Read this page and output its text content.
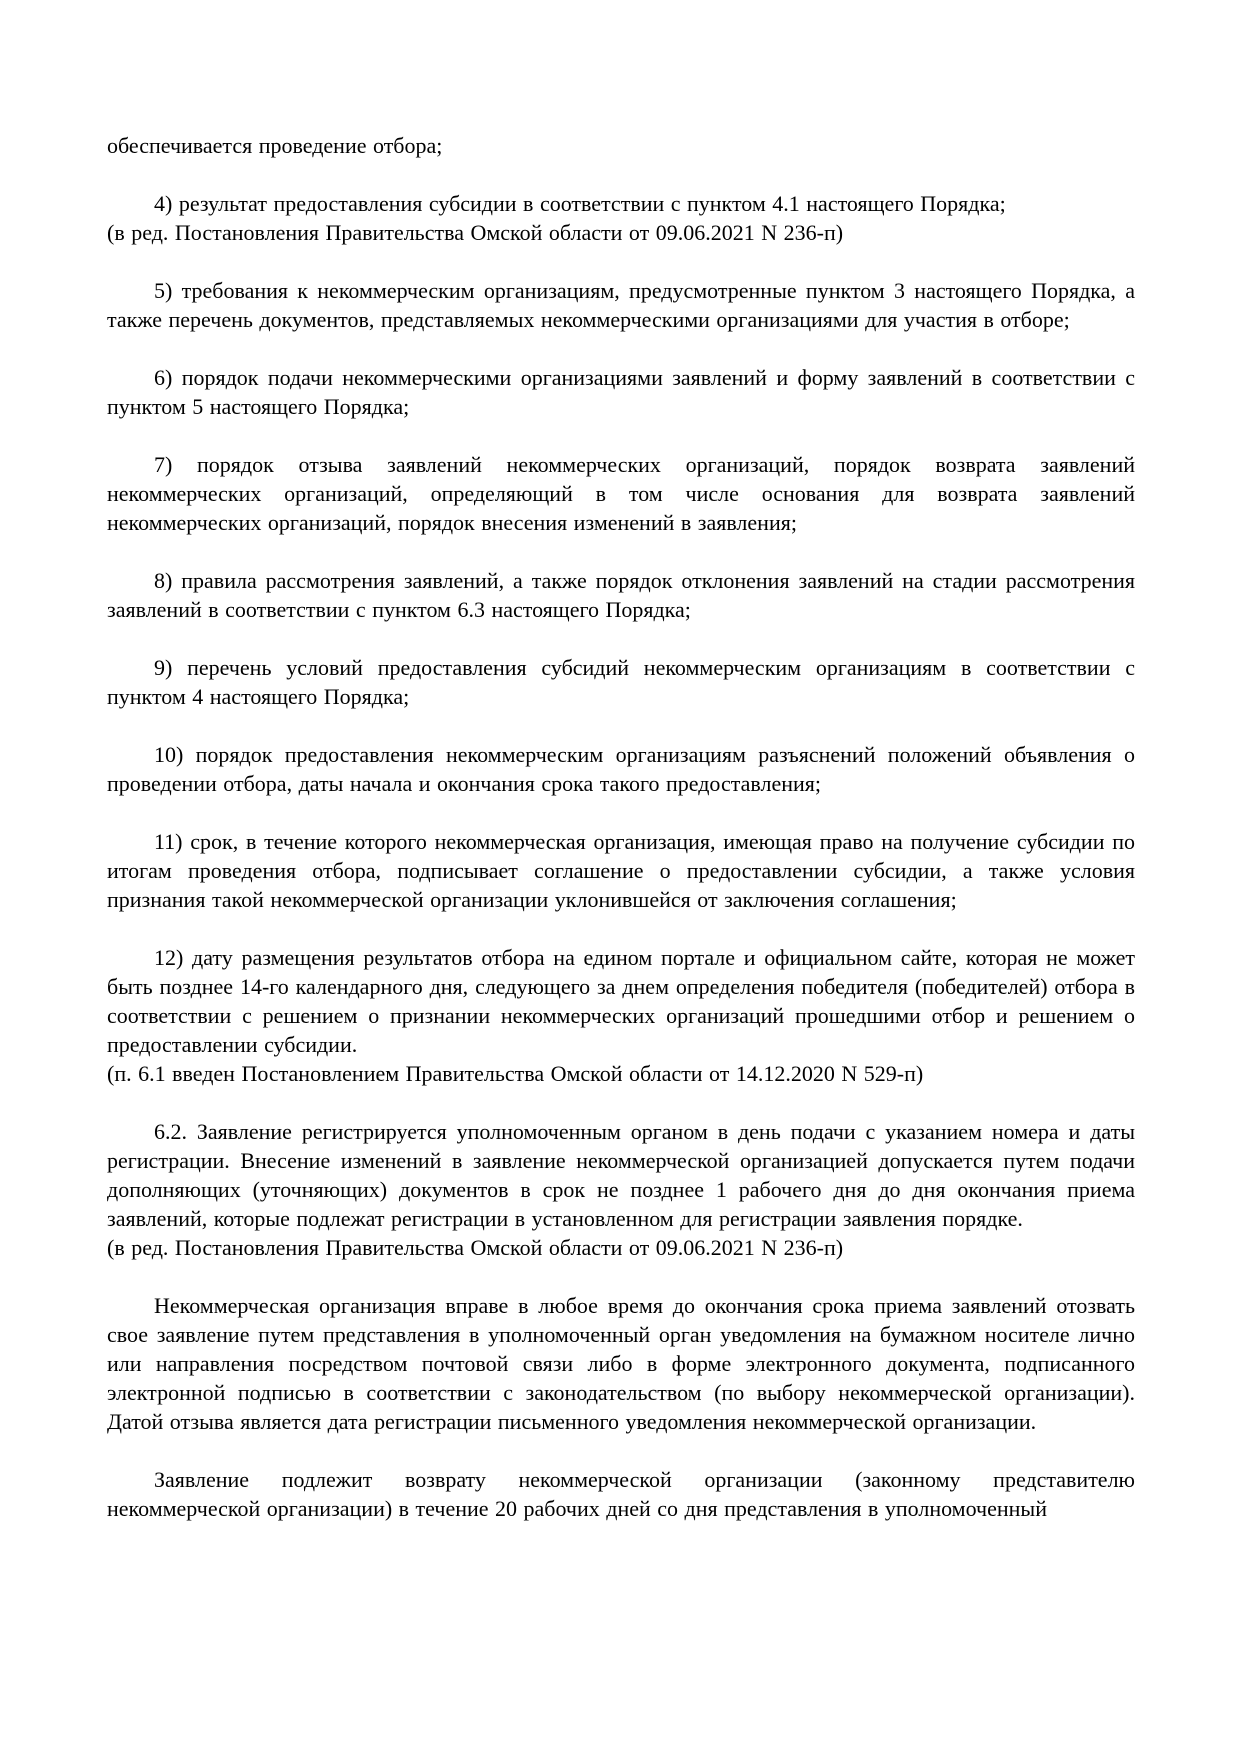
обеспечивается проведение отбора;

4) результат предоставления субсидии в соответствии с пунктом 4.1 настоящего Порядка;

(в ред. Постановления Правительства Омской области от 09.06.2021 N 236-п)

5) требования к некоммерческим организациям, предусмотренные пунктом 3 настоящего Порядка, а также перечень документов, представляемых некоммерческими организациями для участия в отборе;

6) порядок подачи некоммерческими организациями заявлений и форму заявлений в соответствии с пунктом 5 настоящего Порядка;

7) порядок отзыва заявлений некоммерческих организаций, порядок возврата заявлений некоммерческих организаций, определяющий в том числе основания для возврата заявлений некоммерческих организаций, порядок внесения изменений в заявления;

8) правила рассмотрения заявлений, а также порядок отклонения заявлений на стадии рассмотрения заявлений в соответствии с пунктом 6.3 настоящего Порядка;

9) перечень условий предоставления субсидий некоммерческим организациям в соответствии с пунктом 4 настоящего Порядка;

10) порядок предоставления некоммерческим организациям разъяснений положений объявления о проведении отбора, даты начала и окончания срока такого предоставления;

11) срок, в течение которого некоммерческая организация, имеющая право на получение субсидии по итогам проведения отбора, подписывает соглашение о предоставлении субсидии, а также условия признания такой некоммерческой организации уклонившейся от заключения соглашения;

12) дату размещения результатов отбора на едином портале и официальном сайте, которая не может быть позднее 14-го календарного дня, следующего за днем определения победителя (победителей) отбора в соответствии с решением о признании некоммерческих организаций прошедшими отбор и решением о предоставлении субсидии.

(п. 6.1 введен Постановлением Правительства Омской области от 14.12.2020 N 529-п)

6.2. Заявление регистрируется уполномоченным органом в день подачи с указанием номера и даты регистрации. Внесение изменений в заявление некоммерческой организацией допускается путем подачи дополняющих (уточняющих) документов в срок не позднее 1 рабочего дня до дня окончания приема заявлений, которые подлежат регистрации в установленном для регистрации заявления порядке.

(в ред. Постановления Правительства Омской области от 09.06.2021 N 236-п)

Некоммерческая организация вправе в любое время до окончания срока приема заявлений отозвать свое заявление путем представления в уполномоченный орган уведомления на бумажном носителе лично или направления посредством почтовой связи либо в форме электронного документа, подписанного электронной подписью в соответствии с законодательством (по выбору некоммерческой организации). Датой отзыва является дата регистрации письменного уведомления некоммерческой организации.

Заявление подлежит возврату некоммерческой организации (законному представителю некоммерческой организации) в течение 20 рабочих дней со дня представления в уполномоченный
